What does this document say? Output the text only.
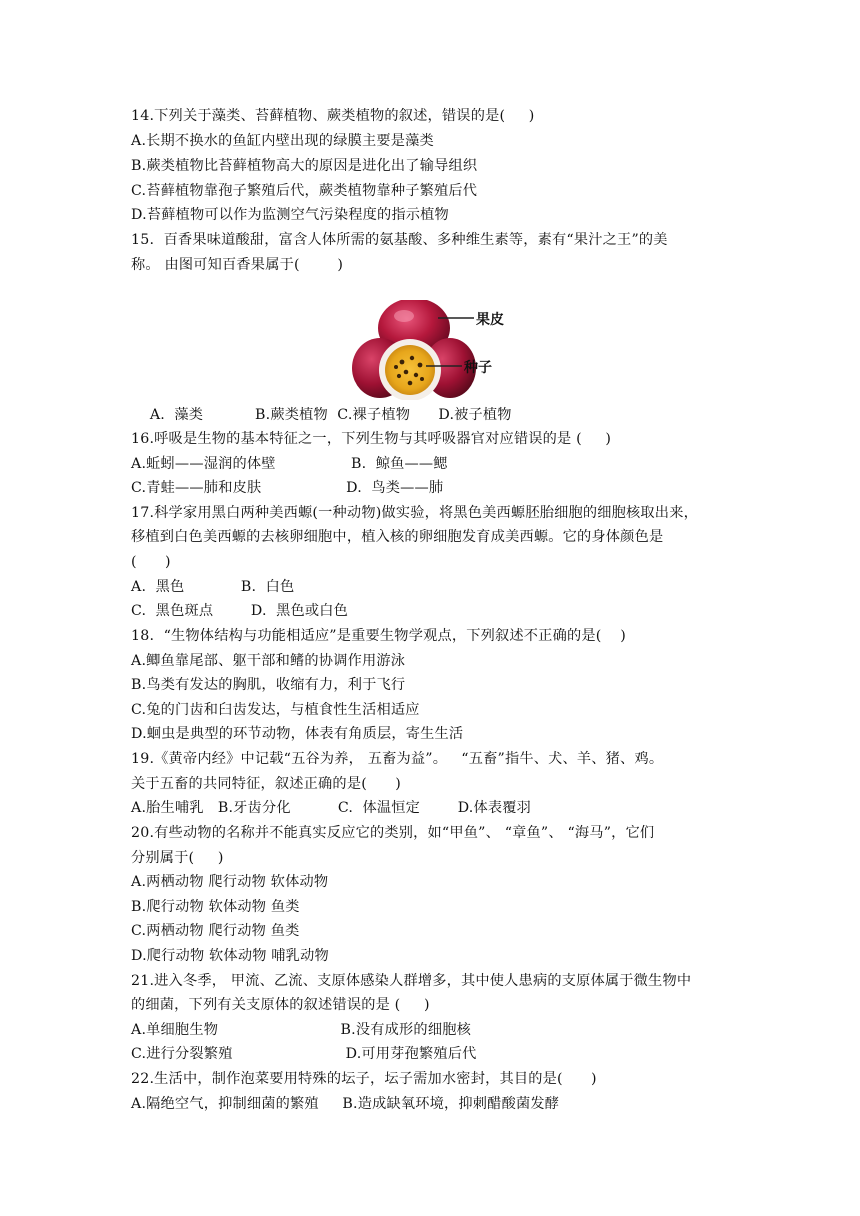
14.下列关于藻类、苔藓植物、蕨类植物的叙述，错误的是(     )
A.长期不换水的鱼缸内壁出现的绿膜主要是藻类
B.蕨类植物比苔藓植物高大的原因是进化出了输导组织
C.苔藓植物靠孢子繁殖后代，蕨类植物靠种子繁殖后代
D.苔藓植物可以作为监测空气污染程度的指示植物
15.  百香果味道酸甜，富含人体所需的氨基酸、多种维生素等，素有“果汁之王”的美
称。 由图可知百香果属于(        )
果皮
种子
A.  藻类           B.蕨类植物  C.裸子植物      D.被子植物
16.呼吸是生物的基本特征之一，下列生物与其呼吸器官对应错误的是 (     )
A.蚯蚓——湿润的体壁                B.  鲸鱼——鳃
C.青蛙——肺和皮肤                  D.  鸟类——肺
17.科学家用黑白两种美西螈(一种动物)做实验，将黑色美西螈胚胎细胞的细胞核取出来，
移植到白色美西螈的去核卵细胞中，植入核的卵细胞发育成美西螈。它的身体颜色是
(      )
A.  黑色            B.  白色
C.  黑色斑点        D.  黑色或白色
18.  “生物体结构与功能相适应”是重要生物学观点，下列叙述不正确的是(    )
A.鲫鱼靠尾部、躯干部和鳍的协调作用游泳
B.鸟类有发达的胸肌，收缩有力，利于飞行
C.兔的门齿和臼齿发达，与植食性生活相适应
D.蛔虫是典型的环节动物，体表有角质层，寄生生活
19.《黄帝内经》中记载“五谷为养， 五畜为益”。   “五畜”指牛、犬、羊、猪、鸡。
关于五畜的共同特征，叙述正确的是(      )
A.胎生哺乳   B.牙齿分化          C.  体温恒定        D.体表覆羽
20.有些动物的名称并不能真实反应它的类别，如“甲鱼”、 “章鱼”、 “海马”，它们
分别属于(     )
A.两栖动物 爬行动物 软体动物
B.爬行动物 软体动物 鱼类
C.两栖动物 爬行动物 鱼类
D.爬行动物 软体动物 哺乳动物
21.进入冬季， 甲流、乙流、支原体感染人群增多，其中使人患病的支原体属于微生物中
的细菌，下列有关支原体的叙述错误的是 (     )
A.单细胞生物                          B.没有成形的细胞核
C.进行分裂繁殖                        D.可用芽孢繁殖后代
22.生活中，制作泡菜要用特殊的坛子，坛子需加水密封，其目的是(      )
A.隔绝空气，抑制细菌的繁殖     B.造成缺氧环境，抑刺醋酸菌发酵
